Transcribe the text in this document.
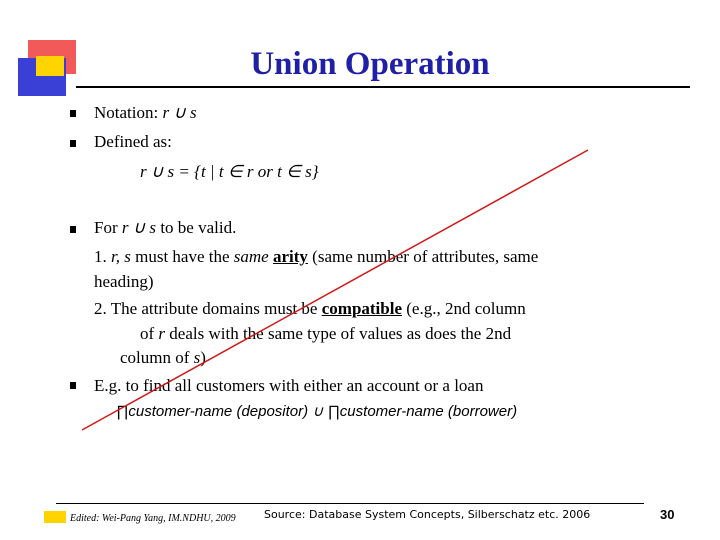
Union Operation
Notation: r ∪ s
Defined as:
r ∪ s = {t | t ∈ r or t ∈ s}
For r ∪ s to be valid.
1. r, s must have the same arity (same number of attributes, same
heading)
2. The attribute domains must be compatible (e.g., 2nd column
of r deals with the same type of values as does the 2nd
column of s)
E.g. to find all customers with either an account or a loan
∏customer-name (depositor) ∪ ∏customer-name (borrower)
Edited: Wei-Pang Yang, IM.NDHU, 2009	Source: Database System Concepts, Silberschatz etc. 2006	30
